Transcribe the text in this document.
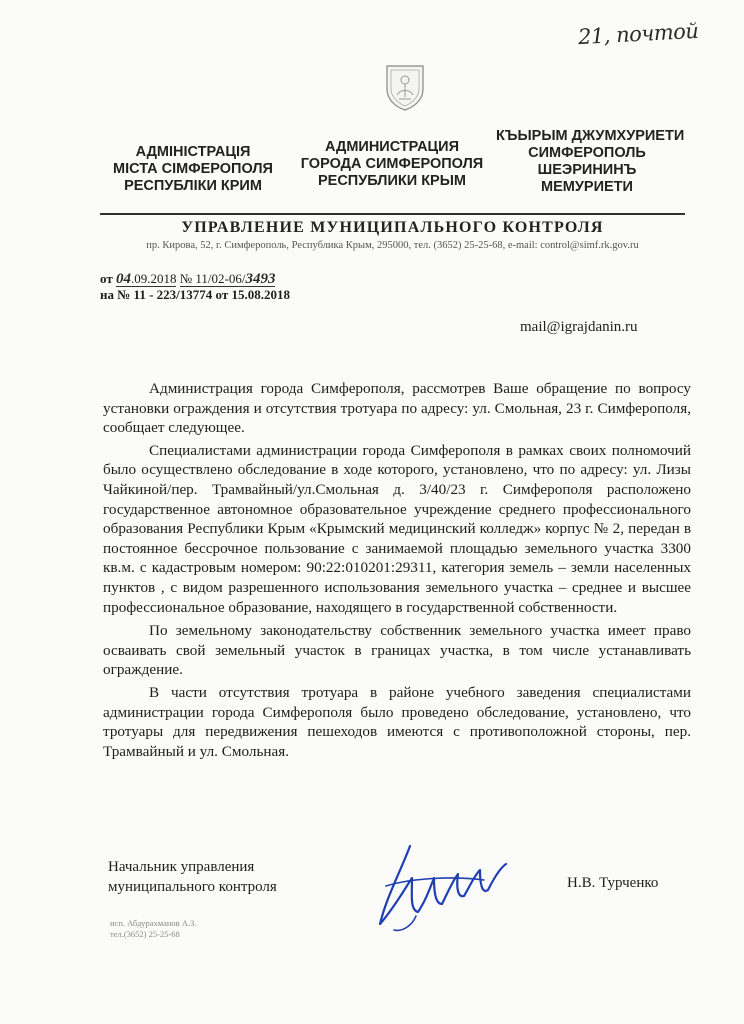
21, почтой
АДМІНІСТРАЦІЯ
МІСТА СІМФЕРОПОЛЯ
РЕСПУБЛІКИ КРИМ
АДМИНИСТРАЦИЯ
ГОРОДА СИМФЕРОПОЛЯ
РЕСПУБЛИКИ КРЫМ
КЪЫРЫМ ДЖУМХУРИЕТИ
СИМФЕРОПОЛЬ
ШЕЭРИНИНЪ
МЕМУРИЕТИ
УПРАВЛЕНИЕ МУНИЦИПАЛЬНОГО КОНТРОЛЯ
пр. Кирова, 52, г. Симферополь, Республика Крым, 295000, тел. (3652) 25-25-68, e-mail: control@simf.rk.gov.ru
от 04.09.2018 № 11/02-06/3493
на № 11 - 223/13774 от 15.08.2018
mail@igrajdanin.ru

Администрация города Симферополя, рассмотрев Ваше обращение по вопросу установки ограждения и отсутствия тротуара по адресу: ул. Смольная, 23 г. Симферополя, сообщает следующее.

Специалистами администрации города Симферополя в рамках своих полномочий было осуществлено обследование в ходе которого, установлено, что по адресу: ул. Лизы Чайкиной/пер. Трамвайный/ул.Смольная д. 3/40/23 г. Симферополя расположено государственное автономное образовательное учреждение среднего профессионального образования Республики Крым «Крымский медицинский колледж» корпус № 2, передан в постоянное бессрочное пользование с занимаемой площадью земельного участка 3300 кв.м. с кадастровым номером: 90:22:010201:29311, категория земель – земли населенных пунктов , с видом разрешенного использования земельного участка – среднее и высшее профессиональное образование, находящего в государственной собственности.

По земельному законодательству собственник земельного участка имеет право осваивать свой земельный участок в границах участка, в том числе устанавливать ограждение.

В части отсутствия тротуара в районе учебного заведения специалистами администрации города Симферополя было проведено обследование, установлено, что тротуары для передвижения пешеходов имеются с противоположной стороны, пер. Трамвайный и ул. Смольная.

Начальник управления
муниципального контроля	Н.В. Турченко
исп. Абдурахманов А.З.
тел.(3652) 25-25-68
